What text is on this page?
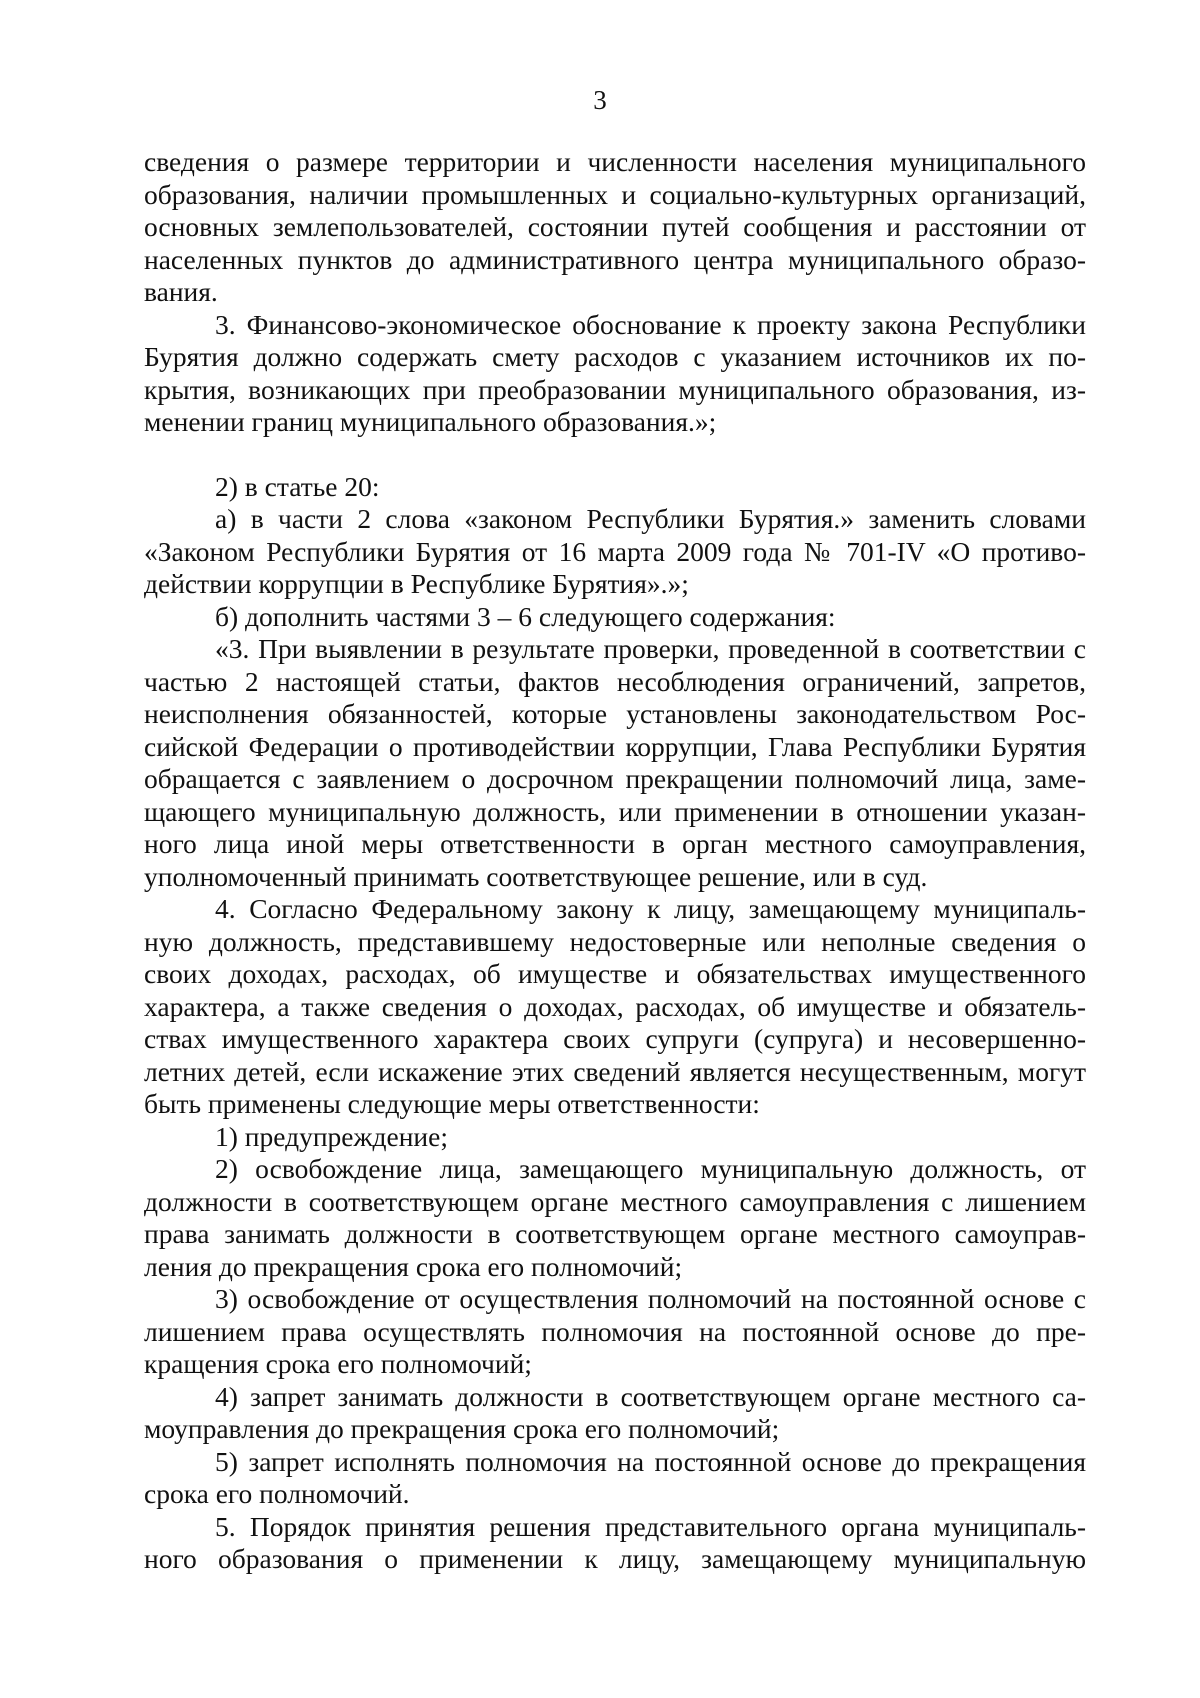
3

сведения о размере территории и численности населения муниципального

образования, наличии промышленных и социально-культурных организаций,

основных землепользователей, состоянии путей сообщения и расстоянии от

населенных пунктов до административного центра муниципального образо-

вания.

3. Финансово-экономическое обоснование к проекту закона Республики

Бурятия должно содержать смету расходов с указанием источников их по-

крытия, возникающих при преобразовании муниципального образования, из-

менении границ муниципального образования.»;

2) в статье 20:

а) в части 2 слова «законом Республики Бурятия.» заменить словами

«Законом Республики Бурятия от 16 марта 2009 года № 701-IV «О противо-

действии коррупции в Республике Бурятия».»;

б) дополнить частями 3 – 6 следующего содержания:

«3. При выявлении в результате проверки, проведенной в соответствии с

частью 2 настоящей статьи, фактов несоблюдения ограничений, запретов,

неисполнения обязанностей, которые установлены законодательством Рос-

сийской Федерации о противодействии коррупции, Глава Республики Бурятия

обращается с заявлением о досрочном прекращении полномочий лица, заме-

щающего муниципальную должность, или применении в отношении указан-

ного лица иной меры ответственности в орган местного самоуправления,

уполномоченный принимать соответствующее решение, или в суд.

4. Согласно Федеральному закону к лицу, замещающему муниципаль-

ную должность, представившему недостоверные или неполные сведения о

своих доходах, расходах, об имуществе и обязательствах имущественного

характера, а также сведения о доходах, расходах, об имуществе и обязатель-

ствах имущественного характера своих супруги (супруга) и несовершенно-

летних детей, если искажение этих сведений является несущественным, могут

быть применены следующие меры ответственности:

1) предупреждение;

2) освобождение лица, замещающего муниципальную должность, от

должности в соответствующем органе местного самоуправления с лишением

права занимать должности в соответствующем органе местного самоуправ-

ления до прекращения срока его полномочий;

3) освобождение от осуществления полномочий на постоянной основе с

лишением права осуществлять полномочия на постоянной основе до пре-

кращения срока его полномочий;

4) запрет занимать должности в соответствующем органе местного са-

моуправления до прекращения срока его полномочий;

5) запрет исполнять полномочия на постоянной основе до прекращения

срока его полномочий.

5. Порядок принятия решения представительного органа муниципаль-

ного образования о применении к лицу, замещающему муниципальную
